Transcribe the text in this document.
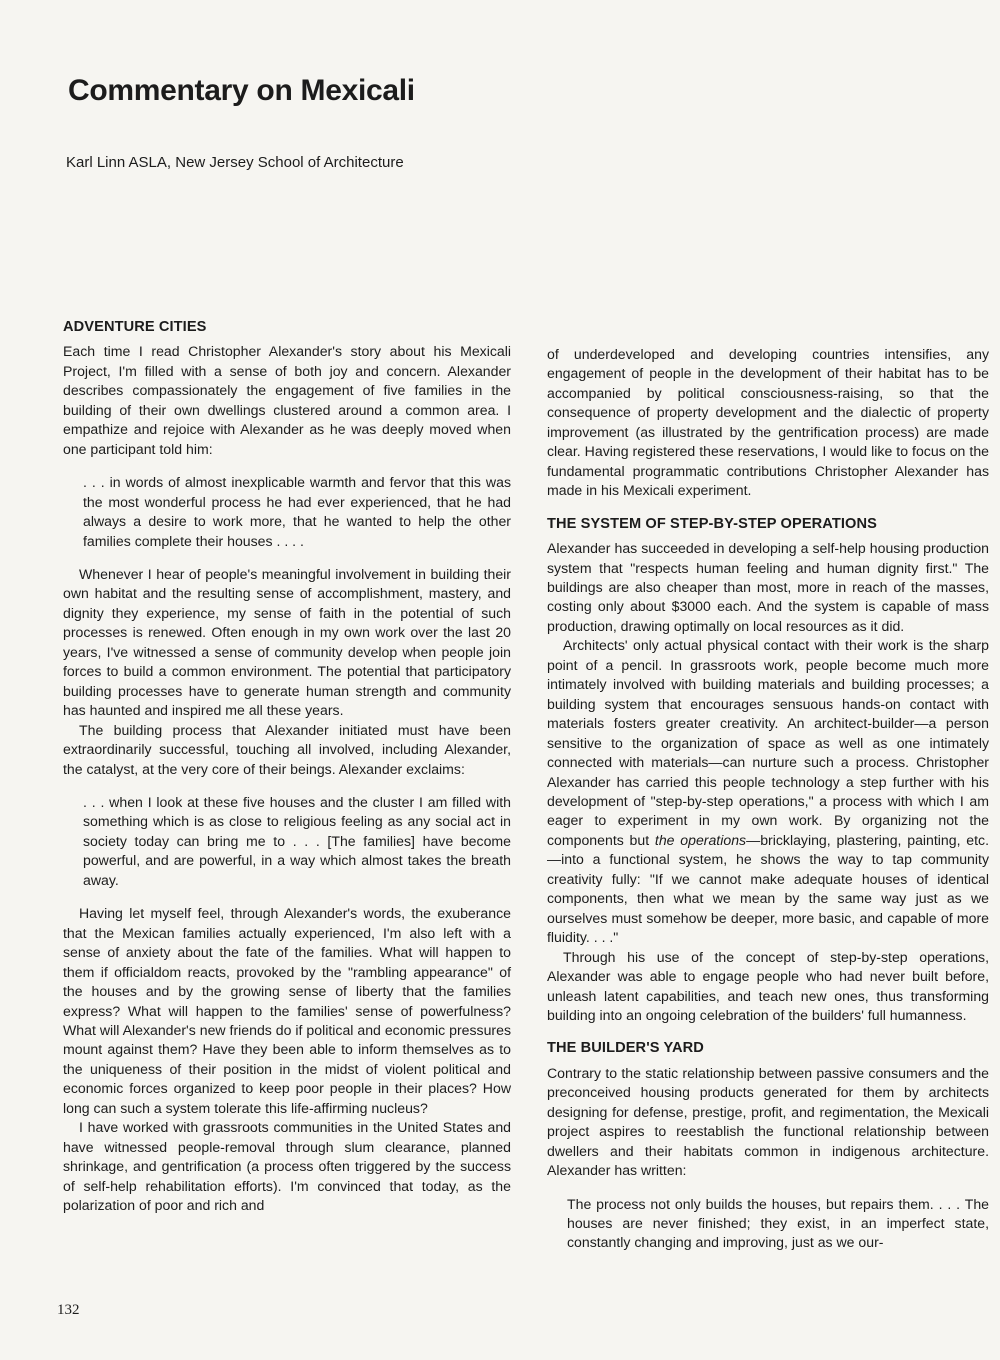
Commentary on Mexicali
Karl Linn ASLA, New Jersey School of Architecture
ADVENTURE CITIES

Each time I read Christopher Alexander's story about his Mexicali Project, I'm filled with a sense of both joy and concern. Alexander describes compassionately the engagement of five families in the building of their own dwellings clustered around a common area. I empathize and rejoice with Alexander as he was deeply moved when one participant told him:

. . . in words of almost inexplicable warmth and fervor that this was the most wonderful process he had ever experienced, that he had always a desire to work more, that he wanted to help the other families complete their houses . . . .

Whenever I hear of people's meaningful involvement in building their own habitat and the resulting sense of accomplishment, mastery, and dignity they experience, my sense of faith in the potential of such processes is renewed. Often enough in my own work over the last 20 years, I've witnessed a sense of community develop when people join forces to build a common environment. The potential that participatory building processes have to generate human strength and community has haunted and inspired me all these years.

The building process that Alexander initiated must have been extraordinarily successful, touching all involved, including Alexander, the catalyst, at the very core of their beings. Alexander exclaims:

. . . when I look at these five houses and the cluster I am filled with something which is as close to religious feeling as any social act in society today can bring me to . . . [The families] have become powerful, and are powerful, in a way which almost takes the breath away.

Having let myself feel, through Alexander's words, the exuberance that the Mexican families actually experienced, I'm also left with a sense of anxiety about the fate of the families. What will happen to them if officialdom reacts, provoked by the "rambling appearance" of the houses and by the growing sense of liberty that the families express? What will happen to the families' sense of powerfulness? What will Alexander's new friends do if political and economic pressures mount against them? Have they been able to inform themselves as to the uniqueness of their position in the midst of violent political and economic forces organized to keep poor people in their places? How long can such a system tolerate this life-affirming nucleus?

I have worked with grassroots communities in the United States and have witnessed people-removal through slum clearance, planned shrinkage, and gentrification (a process often triggered by the success of self-help rehabilitation efforts). I'm convinced that today, as the polarization of poor and rich and

of underdeveloped and developing countries intensifies, any engagement of people in the development of their habitat has to be accompanied by political consciousness-raising, so that the consequence of property development and the dialectic of property improvement (as illustrated by the gentrification process) are made clear. Having registered these reservations, I would like to focus on the fundamental programmatic contributions Christopher Alexander has made in his Mexicali experiment.

THE SYSTEM OF STEP-BY-STEP OPERATIONS

Alexander has succeeded in developing a self-help housing production system that "respects human feeling and human dignity first." The buildings are also cheaper than most, more in reach of the masses, costing only about $3000 each. And the system is capable of mass production, drawing optimally on local resources as it did.

Architects' only actual physical contact with their work is the sharp point of a pencil. In grassroots work, people become much more intimately involved with building materials and building processes; a building system that encourages sensuous hands-on contact with materials fosters greater creativity. An architect-builder—a person sensitive to the organization of space as well as one intimately connected with materials—can nurture such a process. Christopher Alexander has carried this people technology a step further with his development of "step-by-step operations," a process with which I am eager to experiment in my own work. By organizing not the components but the operations—bricklaying, plastering, painting, etc.—into a functional system, he shows the way to tap community creativity fully: "If we cannot make adequate houses of identical components, then what we mean by the same way just as we ourselves must somehow be deeper, more basic, and capable of more fluidity. . . ."

Through his use of the concept of step-by-step operations, Alexander was able to engage people who had never built before, unleash latent capabilities, and teach new ones, thus transforming building into an ongoing celebration of the builders' full humanness.

THE BUILDER'S YARD

Contrary to the static relationship between passive consumers and the preconceived housing products generated for them by architects designing for defense, prestige, profit, and regimentation, the Mexicali project aspires to reestablish the functional relationship between dwellers and their habitats common in indigenous architecture. Alexander has written:

The process not only builds the houses, but repairs them. . . . The houses are never finished; they exist, in an imperfect state, constantly changing and improving, just as we our-

132
